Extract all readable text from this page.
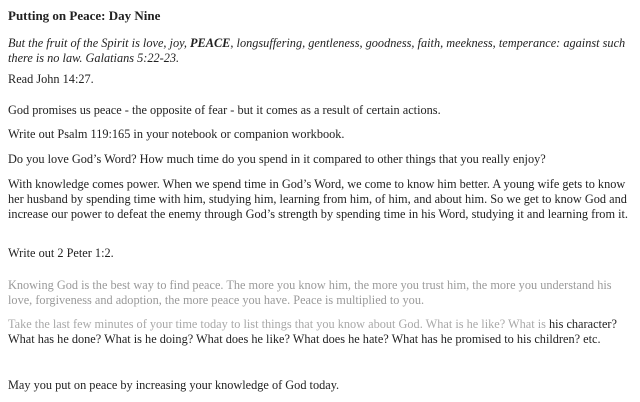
Putting on Peace: Day Nine

But the fruit of the Spirit is love, joy, PEACE, longsuffering, gentleness, goodness, faith, meekness, temperance: against such there is no law. Galatians 5:22-23.

Read John 14:27.

God promises us peace - the opposite of fear - but it comes as a result of certain actions.

Write out Psalm 119:165 in your notebook or companion workbook.

Do you love God’s Word? How much time do you spend in it compared to other things that you really enjoy?

With knowledge comes power. When we spend time in God’s Word, we come to know him better. A young wife gets to know her husband by spending time with him, studying him, learning from him, of him, and about him. So we get to know God and increase our power to defeat the enemy through God’s strength by spending time in his Word, studying it and learning from it.

Write out 2 Peter 1:2.

Knowing God is the best way to find peace. The more you know him, the more you trust him, the more you understand his love, forgiveness and adoption, the more peace you have. Peace is multiplied to you.

Take the last few minutes of your time today to list things that you know about God. What is he like? What is his character? What has he done? What is he doing? What does he like? What does he hate? What has he promised to his children? etc.

May you put on peace by increasing your knowledge of God today.
